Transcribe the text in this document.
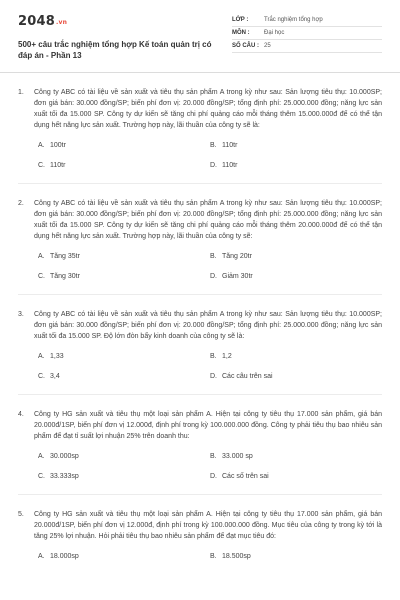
2048.vn
500+ câu trắc nghiệm tổng hợp Kế toán quản trị có đáp án - Phần 13
LỚP :	Trắc nghiệm tổng hợp
MÔN :	Đại học
SỐ CÂU : 25
1.	Công ty ABC có tài liệu về sản xuất và tiêu thụ sản phẩm A trong kỳ như sau: Sản lượng tiêu thụ: 10.000SP; đơn giá bán: 30.000 đồng/SP; biến phí đơn vị: 20.000 đồng/SP; tổng định phí: 25.000.000 đồng; năng lực sản xuất tối đa 15.000 SP. Công ty dự kiến sẽ tăng chi phí quảng cáo mỗi tháng thêm 15.000.000đ để có thể tận dụng hết năng lực sản xuất. Trường hợp này, lãi thuần của công ty sẽ là:
A. 100tr	B. 110tr
C. 110tr	D. 110tr
2.	Công ty ABC có tài liệu về sản xuất và tiêu thụ sản phẩm A trong kỳ như sau: Sản lượng tiêu thụ: 10.000SP; đơn giá bán: 30.000 đồng/SP; biến phí đơn vị: 20.000 đồng/SP; tổng định phí: 25.000.000 đồng; năng lực sản xuất tối đa 15.000 SP. Công ty dự kiến sẽ tăng chi phí quảng cáo mỗi tháng thêm 20.000.000đ để có thể tận dụng hết năng lực sản xuất. Trường hợp này, lãi thuần của công ty sẽ:
A. Tăng 35tr	B. Tăng 20tr
C. Tăng 30tr	D. Giảm 30tr
3.	Công ty ABC có tài liệu về sản xuất và tiêu thụ sản phẩm A trong kỳ như sau: Sản lượng tiêu thụ: 10.000SP; đơn giá bán: 30.000 đồng/SP; biến phí đơn vị: 20.000 đồng/SP; tổng định phí: 25.000.000 đồng; năng lực sản xuất tối đa 15.000 SP. Độ lớn đòn bẩy kinh doanh của công ty sẽ là:
A. 1,33	B. 1,2
C. 3,4	D. Các câu trên sai
4.	Công ty HG sản xuất và tiêu thụ một loại sản phẩm A. Hiện tại công ty tiêu thụ 17.000 sản phẩm, giá bán 20.000đ/1SP, biến phí đơn vị 12.000đ, định phí trong kỳ 100.000.000 đồng. Công ty phải tiêu thụ bao nhiêu sản phẩm để đạt tỉ suất lợi nhuận 25% trên doanh thu:
A. 30.000sp	B. 33.000 sp
C. 33.333sp	D. Các số trên sai
5.	Công ty HG sản xuất và tiêu thụ một loại sản phẩm A. Hiện tại công ty tiêu thụ 17.000 sản phẩm, giá bán 20.000đ/1SP, biến phí đơn vị 12.000đ, định phí trong kỳ 100.000.000 đồng. Mục tiêu của công ty trong kỳ tới là tăng 25% lợi nhuận. Hỏi phải tiêu thụ bao nhiêu sản phẩm để đạt mục tiêu đó:
A. 18.000sp	B. 18.500sp
